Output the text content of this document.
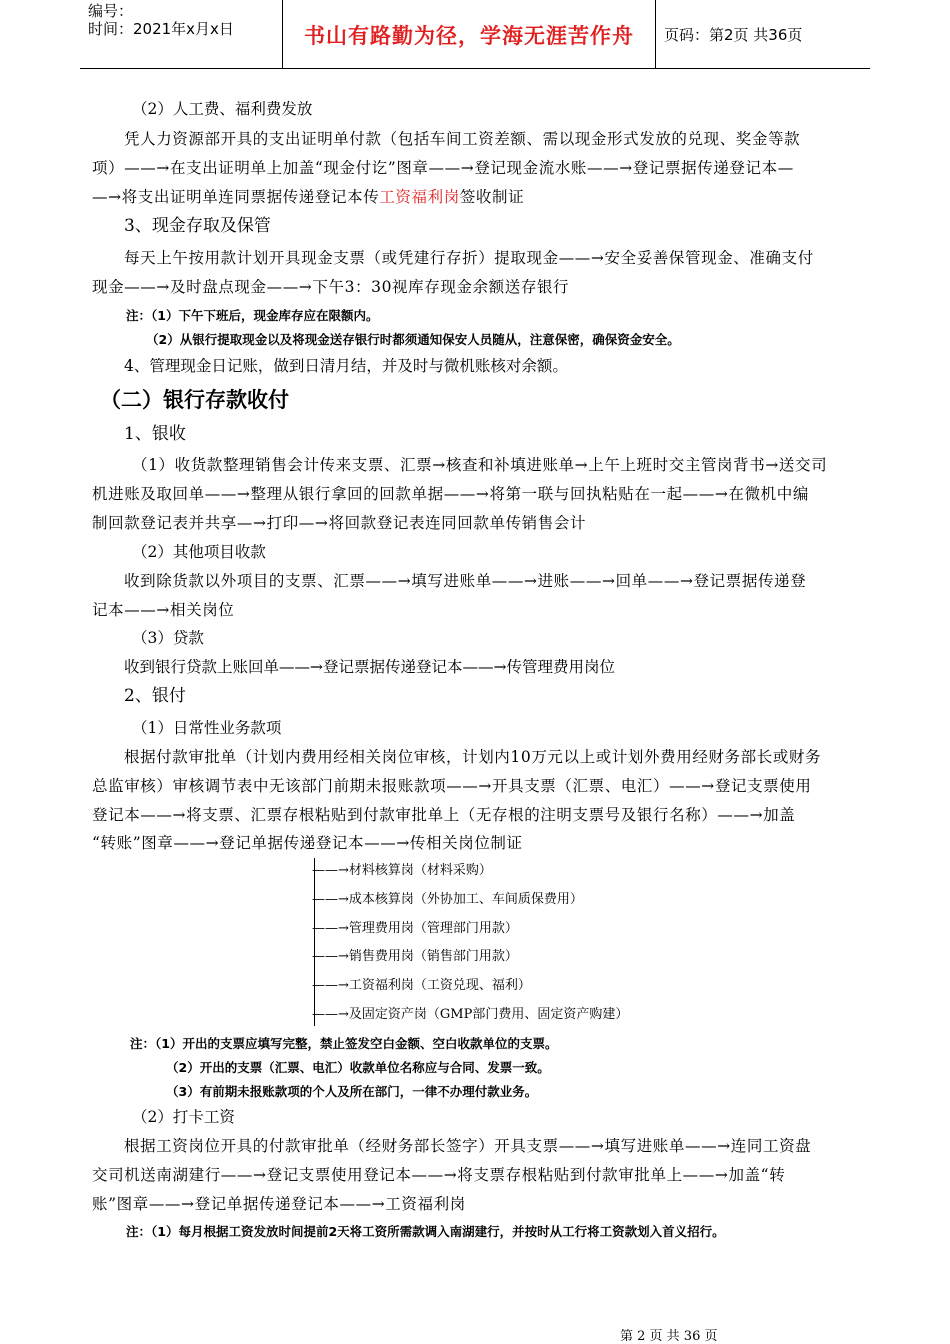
编号：
时间：2021年x月x日	书山有路勤为径，学海无涯苦作舟	页码：第2页 共36页
（2）人工费、福利费发放
凭人力资源部开具的支出证明单付款（包括车间工资差额、需以现金形式发放的兑现、奖金等款
项）——→在支出证明单上加盖“现金付讫”图章——→登记现金流水账——→登记票据传递登记本—
—→将支出证明单连同票据传递登记本传工资福利岗签收制证
3、现金存取及保管
每天上午按用款计划开具现金支票（或凭建行存折）提取现金——→安全妥善保管现金、准确支付
现金——→及时盘点现金——→下午3：30视库存现金余额送存银行
注：（1）下午下班后，现金库存应在限额内。
（2）从银行提取现金以及将现金送存银行时都须通知保安人员随从，注意保密，确保资金安全。
4、管理现金日记账，做到日清月结，并及时与微机账核对余额。
（二）银行存款收付
1、银收
（1）收货款整理销售会计传来支票、汇票→核查和补填进账单→上午上班时交主管岗背书→送交司
机进账及取回单——→整理从银行拿回的回款单据——→将第一联与回执粘贴在一起——→在微机中编
制回款登记表并共享—→打印—→将回款登记表连同回款单传销售会计
（2）其他项目收款
收到除货款以外项目的支票、汇票——→填写进账单——→进账——→回单——→登记票据传递登
记本——→相关岗位
（3）贷款
收到银行贷款上账回单——→登记票据传递登记本——→传管理费用岗位
2、银付
（1）日常性业务款项
根据付款审批单（计划内费用经相关岗位审核，计划内10万元以上或计划外费用经财务部长或财务
总监审核）审核调节表中无该部门前期未报账款项——→开具支票（汇票、电汇）——→登记支票使用
登记本——→将支票、汇票存根粘贴到付款审批单上（无存根的注明支票号及银行名称）——→加盖
“转账”图章——→登记单据传递登记本——→传相关岗位制证
——→材料核算岗（材料采购）
——→成本核算岗（外协加工、车间质保费用）
——→管理费用岗（管理部门用款）
——→销售费用岗（销售部门用款）
——→工资福利岗（工资兑现、福利）
——→及固定资产岗（GMP部门费用、固定资产购建）
注：（1）开出的支票应填写完整，禁止签发空白金额、空白收款单位的支票。
（2）开出的支票（汇票、电汇）收款单位名称应与合同、发票一致。
（3）有前期未报账款项的个人及所在部门，一律不办理付款业务。
（2）打卡工资
根据工资岗位开具的付款审批单（经财务部长签字）开具支票——→填写进账单——→连同工资盘
交司机送南湖建行——→登记支票使用登记本——→将支票存根粘贴到付款审批单上——→加盖“转
账”图章——→登记单据传递登记本——→工资福利岗
注：（1）每月根据工资发放时间提前2天将工资所需款调入南湖建行，并按时从工行将工资款划入首义招行。
第 2 页 共 36 页
